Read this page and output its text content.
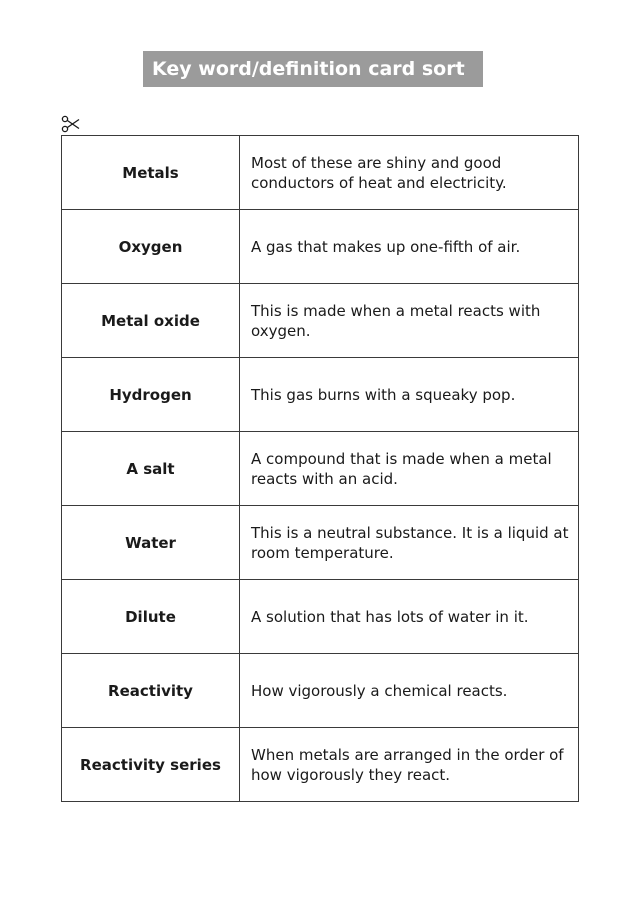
Key word/definition card sort
Metals	Most of these are shiny and good conductors of heat and electricity.
Oxygen	A gas that makes up one-fifth of air.
Metal oxide	This is made when a metal reacts with oxygen.
Hydrogen	This gas burns with a squeaky pop.
A salt	A compound that is made when a metal reacts with an acid.
Water	This is a neutral substance. It is a liquid at room temperature.
Dilute	A solution that has lots of water in it.
Reactivity	How vigorously a chemical reacts.
Reactivity series	When metals are arranged in the order of how vigorously they react.
